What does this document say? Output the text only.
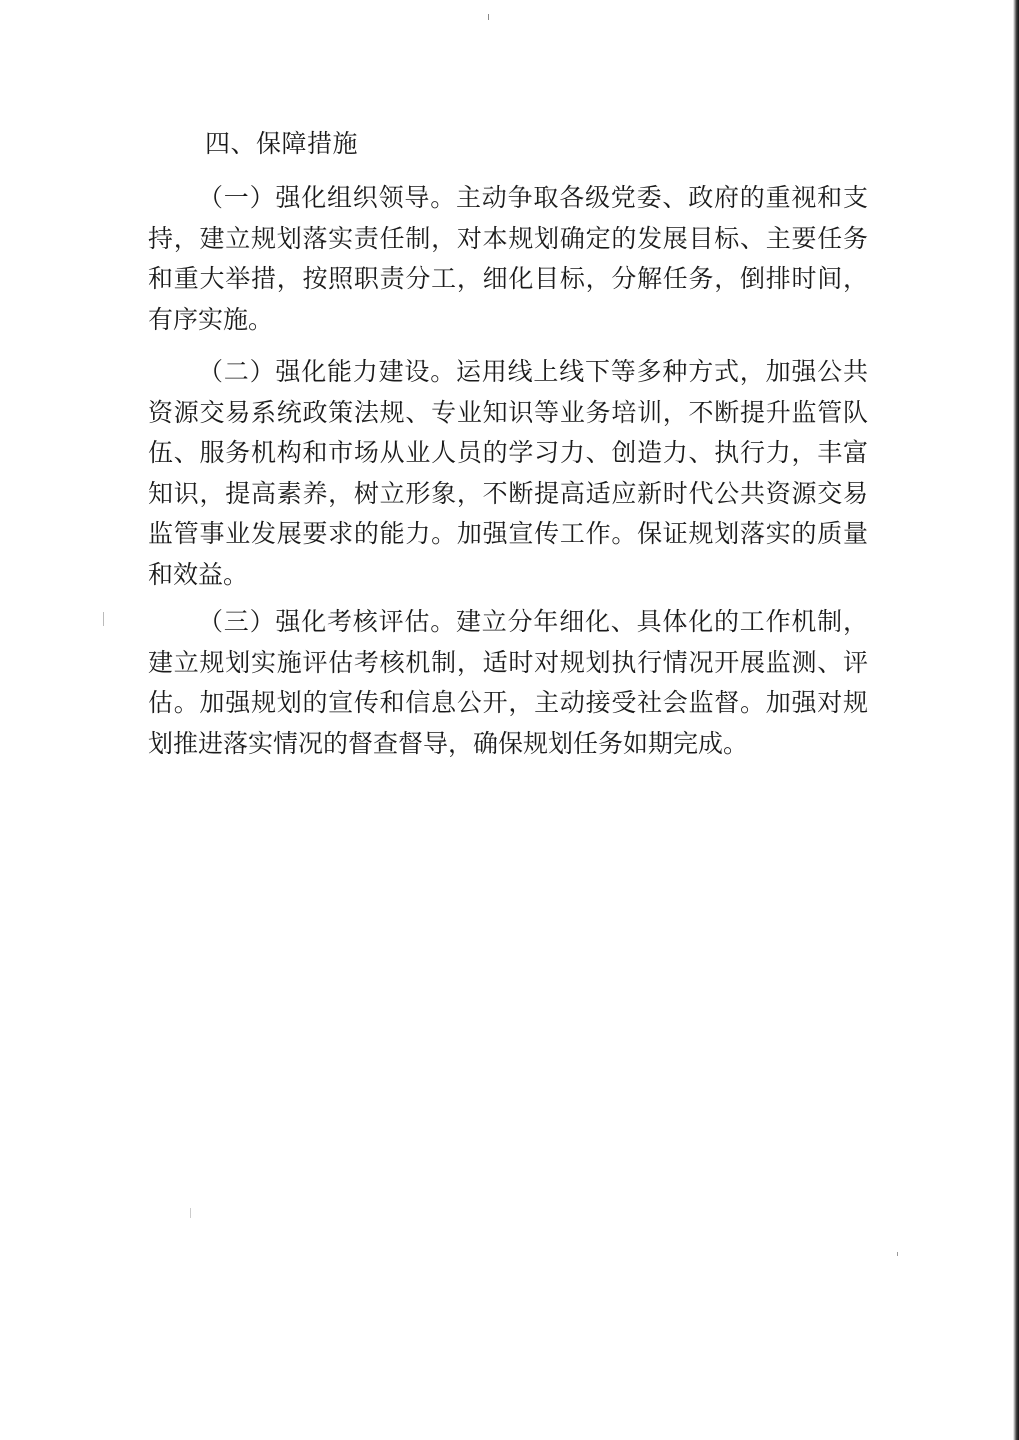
四、保障措施
（一）强化组织领导。主动争取各级党委、政府的重视和支持，建立规划落实责任制，对本规划确定的发展目标、主要任务和重大举措，按照职责分工，细化目标，分解任务，倒排时间，有序实施。
（二）强化能力建设。运用线上线下等多种方式，加强公共资源交易系统政策法规、专业知识等业务培训，不断提升监管队伍、服务机构和市场从业人员的学习力、创造力、执行力，丰富知识，提高素养，树立形象，不断提高适应新时代公共资源交易监管事业发展要求的能力。加强宣传工作。保证规划落实的质量和效益。
（三）强化考核评估。建立分年细化、具体化的工作机制，建立规划实施评估考核机制，适时对规划执行情况开展监测、评估。加强规划的宣传和信息公开，主动接受社会监督。加强对规划推进落实情况的督查督导，确保规划任务如期完成。
